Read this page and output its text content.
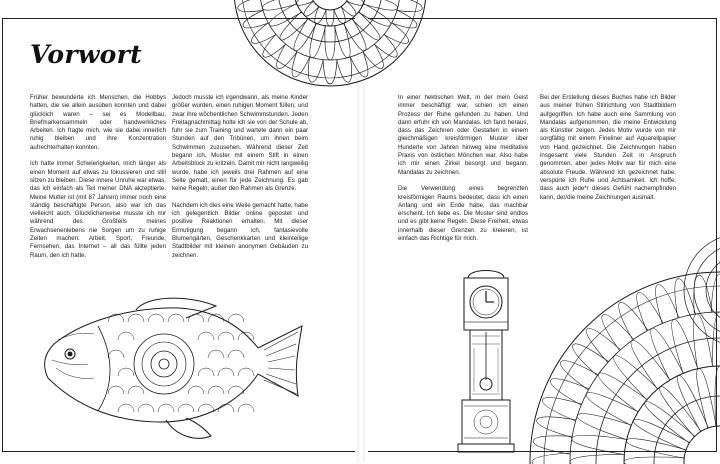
Vorwort

Früher bewunderte ich Menschen, die Hobbys hatten, die sie allein ausüben konnten und dabei glücklich waren – sei es Modellbau, Briefmarkensammeln oder handwerkliches Arbeiten. Ich fragte mich, wie sie dabei innerlich ruhig bleiben und ihre Konzentration aufrechterhalten konnten.

Ich hatte immer Schwierigkeiten, mich länger als einen Moment auf etwas zu fokussieren und still sitzen zu bleiben. Diese innere Unruhe war etwas, das ich einfach als Teil meiner DNA akzeptierte. Meine Mutter ist (mit 87 Jahren) immer noch eine ständig beschäftigte Person, also war ich das vielleicht auch. Glücklicherweise musste ich mir während des Großteils meines Erwachsenenlebens nie Sorgen um zu ruhige Zeiten machen: Arbeit, Sport, Freunde, Fernsehen, das Internet – all das füllte jeden Raum, den ich hatte.

Jedoch musste ich irgendwann, als meine Kinder größer wurden, einen ruhigen Moment füllen, und zwar ihre wöchentlichen Schwimmstunden. Jeden Freitagnachmittag holte ich sie von der Schule ab, fuhr sie zum Training und wartete dann ein paar Stunden auf den Tribünen, um ihnen beim Schwimmen zuzusehen. Während dieser Zeit begann ich, Muster mit einem Stift in einen Arbeitsblock zu kritzeln. Damit mir nicht langweilig wurde, habe ich jeweils drei Rahmen auf eine Seite gemalt, einen für jede Zeichnung. Es gab keine Regeln, außer den Rahmen als Grenze.

Nachdem ich dies eine Weile gemacht hatte, habe ich gelegentlich Bilder online gepostet und positive Reaktionen erhalten. Mit dieser Ermutigung begann ich, fantasievolle Blumengärten, Geschenkkarten und kleinteilige Stadtbilder mit kleinen anonymen Gebäuden zu zeichnen.

In einer hektischen Welt, in der mein Geist immer beschäftigt war, schien ich einen Prozess der Ruhe gefunden zu haben. Und dann erfuhr ich von Mandalas. Ich fand heraus, dass das Zeichnen oder Gestalten in einem gleichmäßigen kreisförmigen Muster über Hunderte von Jahren hinweg eine meditative Praxis von östlichen Mönchen war. Also habe ich mir einen Zirkel besorgt und begann, Mandalas zu zeichnen.

Die Verwendung eines begrenzten kreisförmigen Raums bedeutet, dass ich einen Anfang und ein Ende habe, das machbar erscheint. Ich liebe es. Die Muster sind endlos und es gibt keine Regeln. Diese Freiheit, etwas innerhalb dieser Grenzen zu kreieren, ist einfach das Richtige für mich.

Bei der Erstellung dieses Buches habe ich Bilder aus meiner frühen Stilrichtung von Stadtbildern aufgegriffen. Ich habe auch eine Sammlung von Mandalas aufgenommen, die meine Entwicklung als Künstler zeigen. Jedes Motiv wurde von mir sorgfältig mit einem Fineliner auf Aquarellpapier von Hand gezeichnet. Die Zeichnungen haben insgesamt viele Stunden Zeit in Anspruch genommen, aber jedes Motiv war für mich eine absolute Freude. Während ich gezeichnet habe, verspürte ich Ruhe und Achtsamkeit. Ich hoffe, dass auch jede*r dieses Gefühl nachempfinden kann, der/die meine Zeichnungen ausmalt.
